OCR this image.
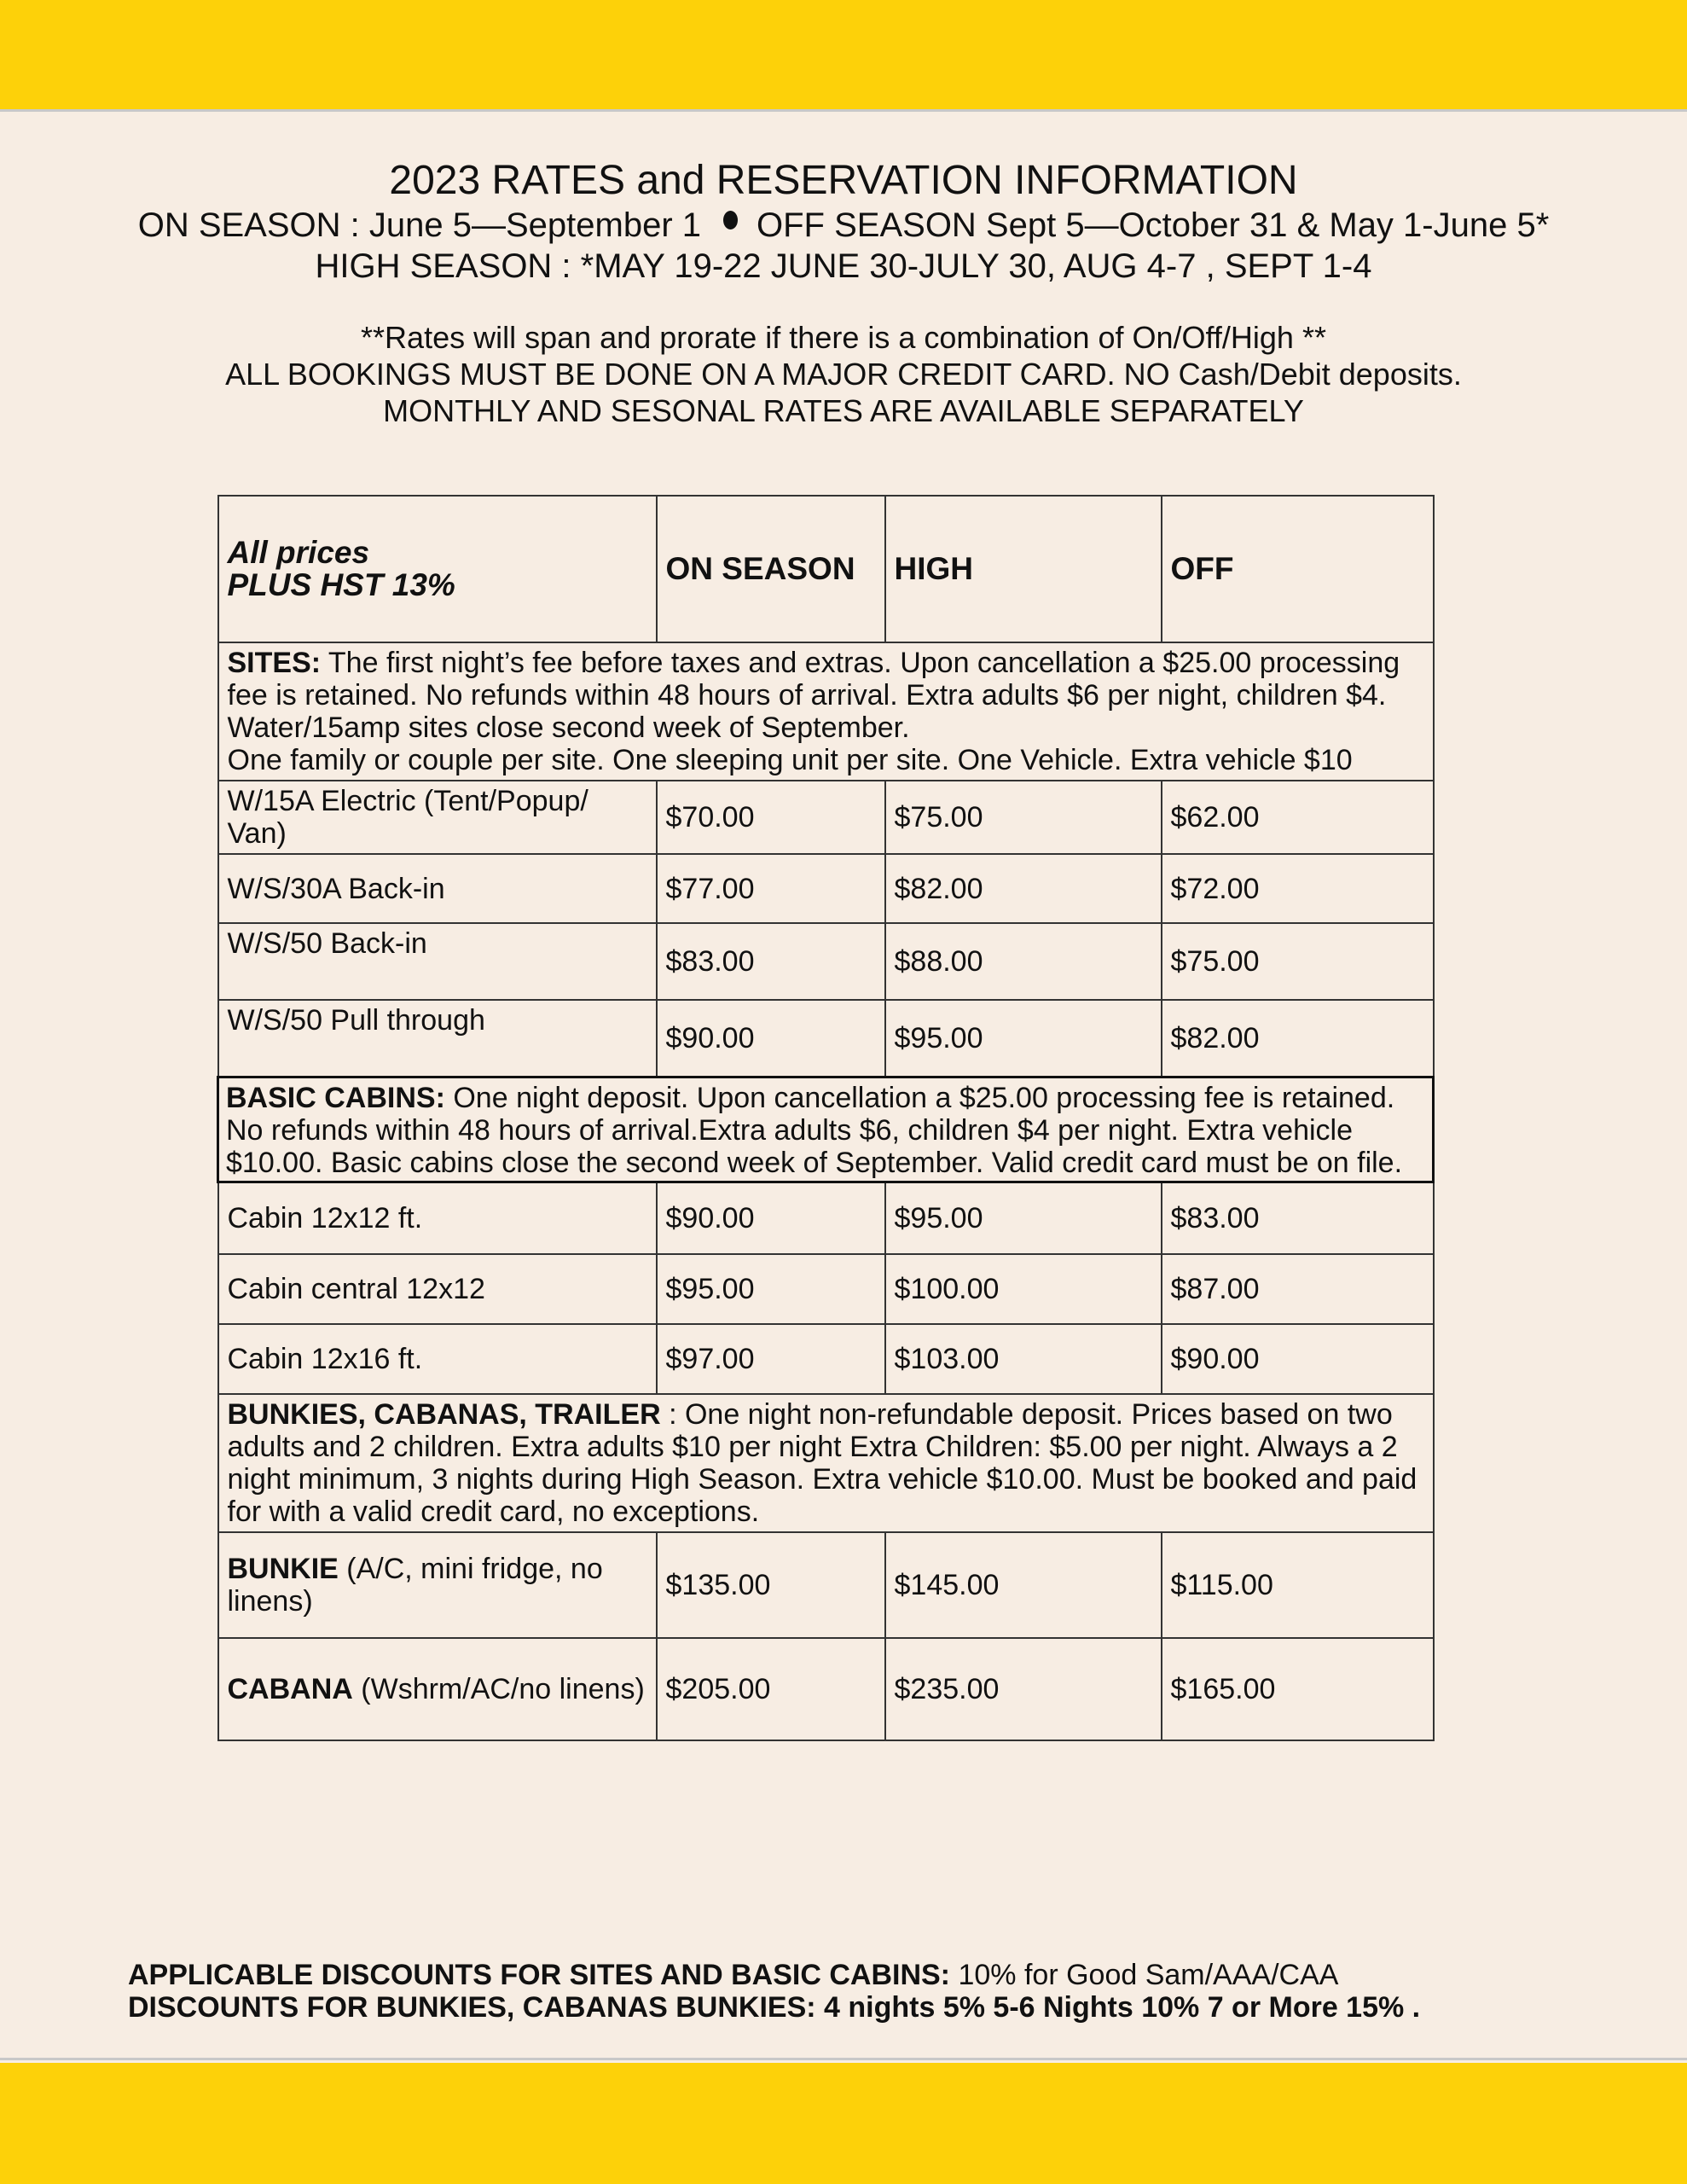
2023 RATES and RESERVATION INFORMATION
ON SEASON : June 5—September 1 OFF SEASON Sept 5—October 31 & May 1-June 5*
HIGH SEASON : *MAY 19-22 JUNE 30-JULY 30, AUG 4-7 , SEPT 1-4
**Rates will span and prorate if there is a combination of On/Off/High **
ALL BOOKINGS MUST BE DONE ON A MAJOR CREDIT CARD. NO Cash/Debit deposits.
MONTHLY AND SESONAL RATES ARE AVAILABLE SEPARATELY
All prices
PLUS HST 13%	ON SEASON	HIGH	OFF
SITES: The first night’s fee before taxes and extras. Upon cancellation a $25.00 processing fee is retained. No refunds within 48 hours of arrival. Extra adults $6 per night, children $4. Water/15amp sites close second week of September.
One family or couple per site. One sleeping unit per site. One Vehicle. Extra vehicle $10			
W/15A Electric (Tent/Popup/ Van)	$70.00	$75.00	$62.00
W/S/30A Back-in	$77.00	$82.00	$72.00
W/S/50 Back-in	$83.00	$88.00	$75.00
W/S/50 Pull through	$90.00	$95.00	$82.00
BASIC CABINS: One night deposit. Upon cancellation a $25.00 processing fee is retained. No refunds within 48 hours of arrival.Extra adults $6, children $4 per night. Extra vehicle $10.00. Basic cabins close the second week of September. Valid credit card must be on file.			
Cabin 12x12 ft.	$90.00	$95.00	$83.00
Cabin central 12x12	$95.00	$100.00	$87.00
Cabin 12x16 ft.	$97.00	$103.00	$90.00
BUNKIES, CABANAS, TRAILER : One night non-refundable deposit. Prices based on two adults and 2 children. Extra adults $10 per night Extra Children: $5.00 per night. Always a 2 night minimum, 3 nights during High Season. Extra vehicle $10.00. Must be booked and paid for with a valid credit card, no exceptions.			
BUNKIE (A/C, mini fridge, no linens)	$135.00	$145.00	$115.00
CABANA (Wshrm/AC/no linens)	$205.00	$235.00	$165.00
APPLICABLE DISCOUNTS FOR SITES AND BASIC CABINS: 10% for Good Sam/AAA/CAA
DISCOUNTS FOR BUNKIES, CABANAS BUNKIES: 4 nights 5% 5-6 Nights 10% 7 or More 15% .
